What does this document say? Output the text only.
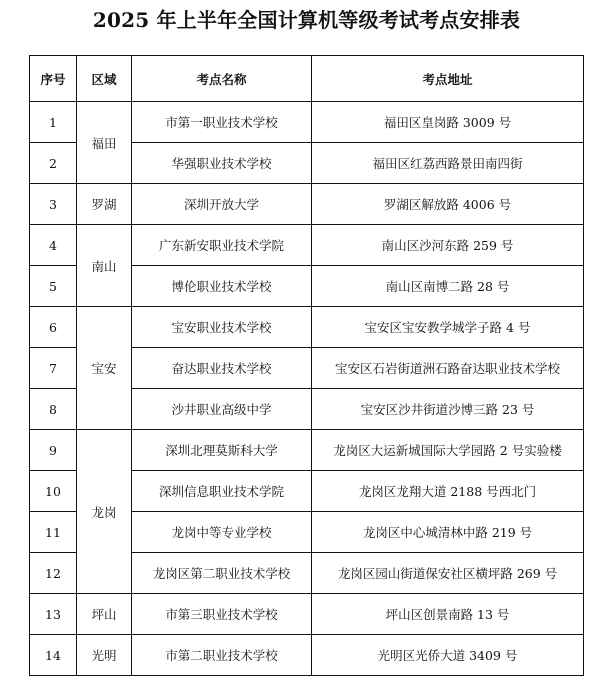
2025 年上半年全国计算机等级考试考点安排表
序号	区域	考点名称	考点地址
1	福田	市第一职业技术学校	福田区皇岗路 3009 号
2		华强职业技术学校	福田区红荔西路景田南四街
3	罗湖	深圳开放大学	罗湖区解放路 4006 号
4	南山	广东新安职业技术学院	南山区沙河东路 259 号
5		博伦职业技术学校	南山区南博二路 28 号
6	宝安	宝安职业技术学校	宝安区宝安教学城学子路 4 号
7		奋达职业技术学校	宝安区石岩街道洲石路奋达职业技术学校
8		沙井职业高级中学	宝安区沙井街道沙博三路 23 号
9	龙岗	深圳北理莫斯科大学	龙岗区大运新城国际大学园路 2 号实验楼
10		深圳信息职业技术学院	龙岗区龙翔大道 2188 号西北门
11		龙岗中等专业学校	龙岗区中心城清林中路 219 号
12		龙岗区第二职业技术学校	龙岗区园山街道保安社区横坪路 269 号
13	坪山	市第三职业技术学校	坪山区创景南路 13 号
14	光明	市第二职业技术学校	光明区光侨大道 3409 号
